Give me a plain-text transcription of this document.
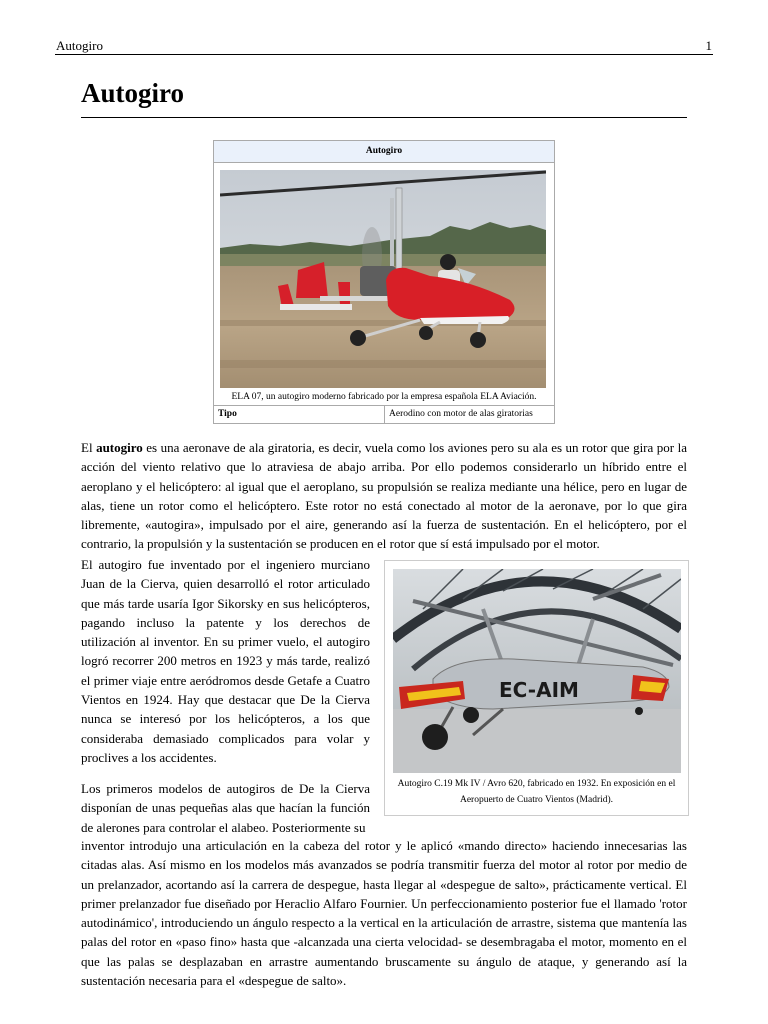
Autogiro	1
Autogiro
Autogiro
ELA 07, un autogiro moderno fabricado por la empresa española ELA Aviación.
Tipo	Aerodino con motor de alas giratorias

El autogiro es una aeronave de ala giratoria, es decir, vuela como los aviones pero su ala es un rotor que gira por la acción del viento relativo que lo atraviesa de abajo arriba. Por ello podemos considerarlo un híbrido entre el aeroplano y el helicóptero: al igual que el aeroplano, su propulsión se realiza mediante una hélice, pero en lugar de alas, tiene un rotor como el helicóptero. Este rotor no está conectado al motor de la aeronave, por lo que gira libremente, «autogira», impulsado por el aire, generando así la fuerza de sustentación. En el helicóptero, por el contrario, la propulsión y la sustentación se producen en el rotor que sí está impulsado por el motor.

El autogiro fue inventado por el ingeniero murciano Juan de la Cierva, quien desarrolló el rotor articulado que más tarde usaría Igor Sikorsky en sus helicópteros, pagando incluso la patente y los derechos de utilización al inventor. En su primer vuelo, el autogiro logró recorrer 200 metros en 1923 y más tarde, realizó el primer viaje entre aeródromos desde Getafe a Cuatro Vientos en 1924. Hay que destacar que De la Cierva nunca se interesó por los helicópteros, a los que consideraba demasiado complicados para volar y proclives a los accidentes.

Los primeros modelos de autogiros de De la Cierva disponían de unas pequeñas alas que hacían la función de alerones para controlar el alabeo. Posteriormente su

inventor introdujo una articulación en la cabeza del rotor y le aplicó «mando directo» haciendo innecesarias las citadas alas. Así mismo en los modelos más avanzados se podría transmitir fuerza del motor al rotor por medio de un prelanzador, acortando así la carrera de despegue, hasta llegar al «despegue de salto», prácticamente vertical. El primer prelanzador fue diseñado por Heraclio Alfaro Fournier. Un perfeccionamiento posterior fue el llamado 'rotor autodinámico', introduciendo un ángulo respecto a la vertical en la articulación de arrastre, sistema que mantenía las palas del rotor en «paso fino» hasta que -alcanzada una cierta velocidad- se desembragaba el motor, momento en el que las palas se desplazaban en arrastre aumentando bruscamente su ángulo de ataque, y generando así la sustentación necesaria para el «despegue de salto».

EC-AIM
Autogiro C.19 Mk IV / Avro 620, fabricado en 1932. En exposición en el Aeropuerto de Cuatro Vientos (Madrid).
